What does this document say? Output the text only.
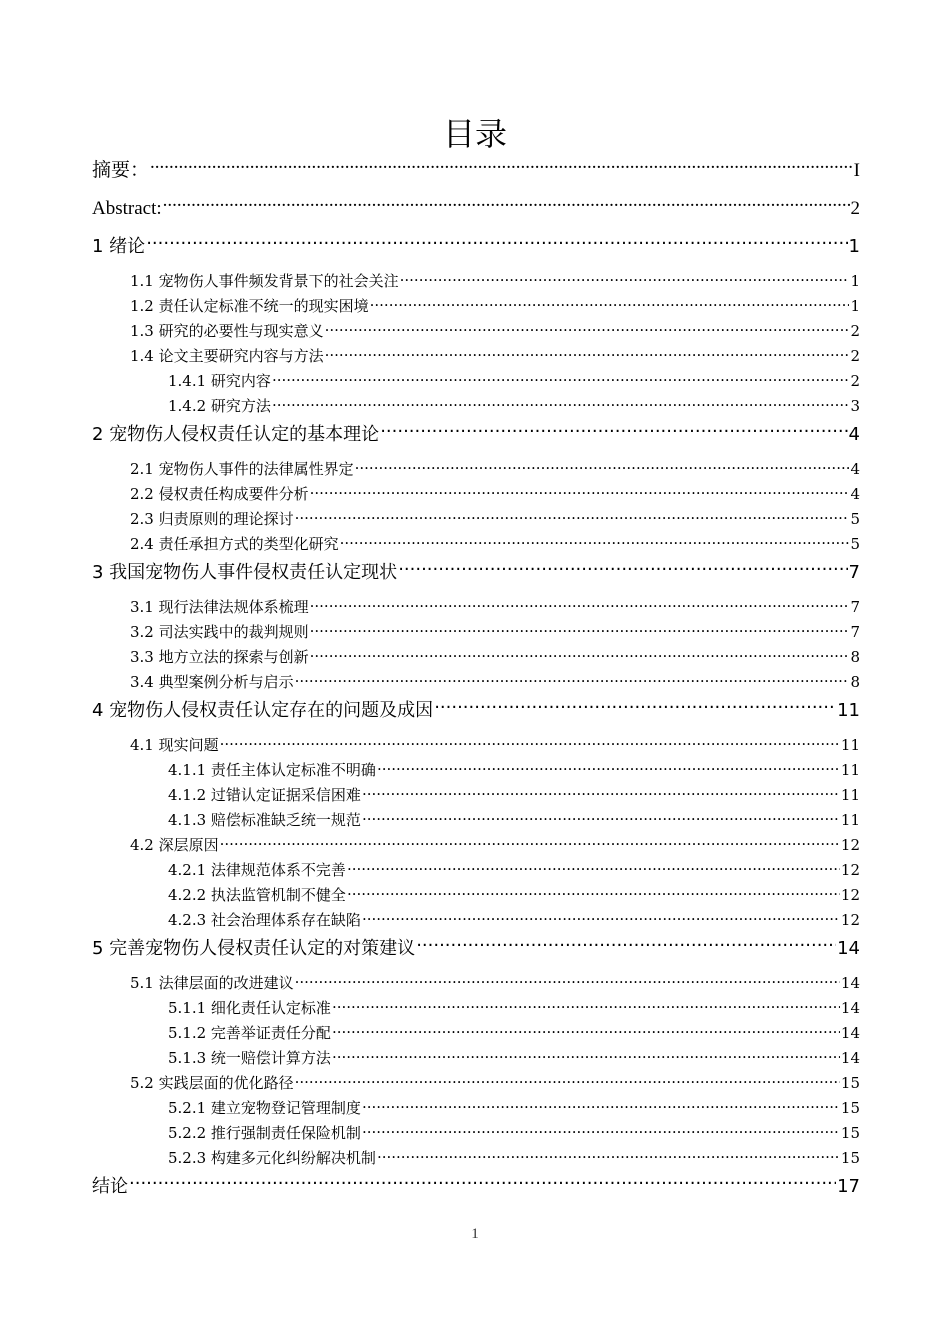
目录
摘要： .....	I
Abstract: .....	2
1 绪论 .....	1
1.1 宠物伤人事件频发背景下的社会关注 .....	1
1.2 责任认定标准不统一的现实困境 .....	1
1.3 研究的必要性与现实意义 .....	2
1.4 论文主要研究内容与方法 .....	2
1.4.1 研究内容 .....	2
1.4.2 研究方法 .....	3
2 宠物伤人侵权责任认定的基本理论 .....	4
2.1 宠物伤人事件的法律属性界定 .....	4
2.2 侵权责任构成要件分析 .....	4
2.3 归责原则的理论探讨 .....	5
2.4 责任承担方式的类型化研究 .....	5
3 我国宠物伤人事件侵权责任认定现状 .....	7
3.1 现行法律法规体系梳理 .....	7
3.2 司法实践中的裁判规则 .....	7
3.3 地方立法的探索与创新 .....	8
3.4 典型案例分析与启示 .....	8
4 宠物伤人侵权责任认定存在的问题及成因 .....	11
4.1 现实问题 .....	11
4.1.1 责任主体认定标准不明确 .....	11
4.1.2 过错认定证据采信困难 .....	11
4.1.3 赔偿标准缺乏统一规范 .....	11
4.2 深层原因 .....	12
4.2.1 法律规范体系不完善 .....	12
4.2.2 执法监管机制不健全 .....	12
4.2.3 社会治理体系存在缺陷 .....	12
5 完善宠物伤人侵权责任认定的对策建议 .....	14
5.1 法律层面的改进建议 .....	14
5.1.1 细化责任认定标准 .....	14
5.1.2 完善举证责任分配 .....	14
5.1.3 统一赔偿计算方法 .....	14
5.2 实践层面的优化路径 .....	15
5.2.1 建立宠物登记管理制度 .....	15
5.2.2 推行强制责任保险机制 .....	15
5.2.3 构建多元化纠纷解决机制 .....	15
结论 .....	17
1
